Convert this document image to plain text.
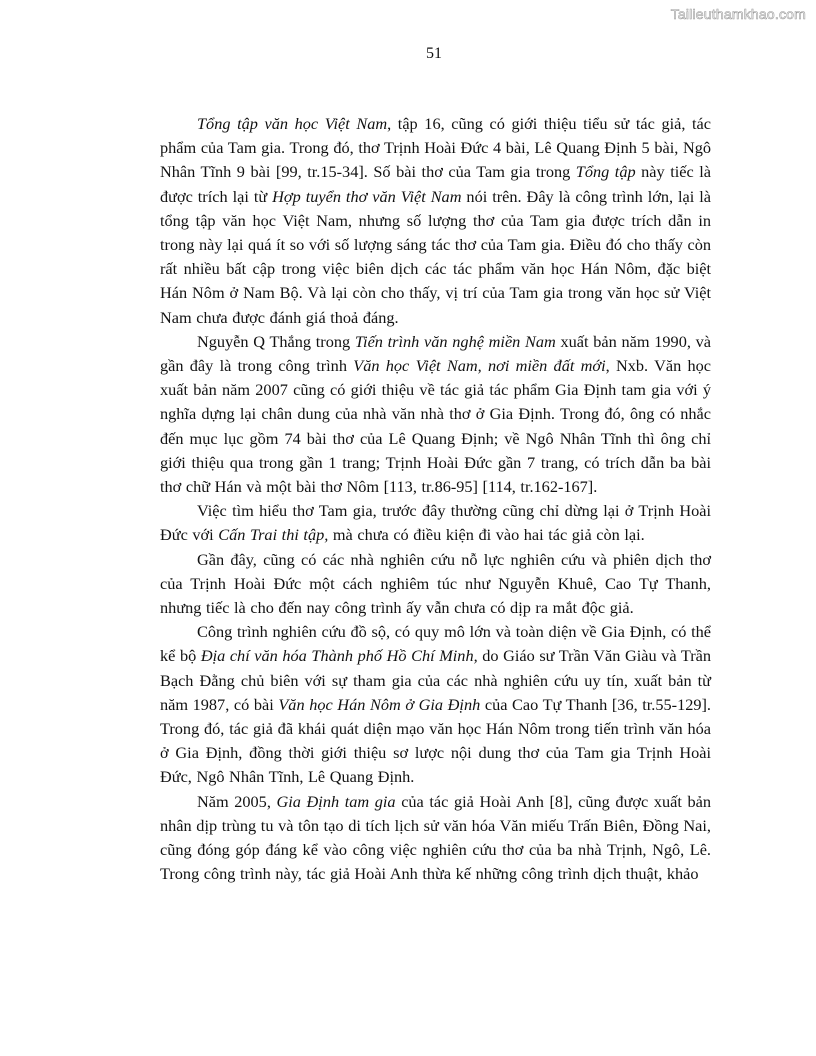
Tailieuthamkhao.com
51

Tổng tập văn học Việt Nam, tập 16, cũng có giới thiệu tiểu sử tác giả, tác phẩm của Tam gia. Trong đó, thơ Trịnh Hoài Đức 4 bài, Lê Quang Định 5 bài, Ngô Nhân Tĩnh 9 bài [99, tr.15-34]. Số bài thơ của Tam gia trong Tổng tập này tiếc là được trích lại từ Hợp tuyển thơ văn Việt Nam nói trên. Đây là công trình lớn, lại là tổng tập văn học Việt Nam, nhưng số lượng thơ của Tam gia được trích dẫn in trong này lại quá ít so với số lượng sáng tác thơ của Tam gia. Điều đó cho thấy còn rất nhiều bất cập trong việc biên dịch các tác phẩm văn học Hán Nôm, đặc biệt Hán Nôm ở Nam Bộ. Và lại còn cho thấy, vị trí của Tam gia trong văn học sử Việt Nam chưa được đánh giá thoả đáng.

Nguyễn Q Thắng trong Tiến trình văn nghệ miền Nam xuất bản năm 1990, và gần đây là trong công trình Văn học Việt Nam, nơi miền đất mới, Nxb. Văn học xuất bản năm 2007 cũng có giới thiệu về tác giả tác phẩm Gia Định tam gia với ý nghĩa dựng lại chân dung của nhà văn nhà thơ ở Gia Định. Trong đó, ông có nhắc đến mục lục gồm 74 bài thơ của Lê Quang Định; về Ngô Nhân Tĩnh thì ông chỉ giới thiệu qua trong gần 1 trang; Trịnh Hoài Đức gần 7 trang, có trích dẫn ba bài thơ chữ Hán và một bài thơ Nôm [113, tr.86-95] [114, tr.162-167].

Việc tìm hiểu thơ Tam gia, trước đây thường cũng chỉ dừng lại ở Trịnh Hoài Đức với Cấn Trai thi tập, mà chưa có điều kiện đi vào hai tác giả còn lại.

Gần đây, cũng có các nhà nghiên cứu nỗ lực nghiên cứu và phiên dịch thơ của Trịnh Hoài Đức một cách nghiêm túc như Nguyễn Khuê, Cao Tự Thanh, nhưng tiếc là cho đến nay công trình ấy vẫn chưa có dịp ra mắt độc giả.

Công trình nghiên cứu đồ sộ, có quy mô lớn và toàn diện về Gia Định, có thể kể bộ Địa chí văn hóa Thành phố Hồ Chí Minh, do Giáo sư Trần Văn Giàu và Trần Bạch Đằng chủ biên với sự tham gia của các nhà nghiên cứu uy tín, xuất bản từ năm 1987, có bài Văn học Hán Nôm ở Gia Định của Cao Tự Thanh [36, tr.55-129]. Trong đó, tác giả đã khái quát diện mạo văn học Hán Nôm trong tiến trình văn hóa ở Gia Định, đồng thời giới thiệu sơ lược nội dung thơ của Tam gia Trịnh Hoài Đức, Ngô Nhân Tĩnh, Lê Quang Định.

Năm 2005, Gia Định tam gia của tác giả Hoài Anh [8], cũng được xuất bản nhân dịp trùng tu và tôn tạo di tích lịch sử văn hóa Văn miếu Trấn Biên, Đồng Nai, cũng đóng góp đáng kể vào công việc nghiên cứu thơ của ba nhà Trịnh, Ngô, Lê. Trong công trình này, tác giả Hoài Anh thừa kế những công trình dịch thuật, khảo
